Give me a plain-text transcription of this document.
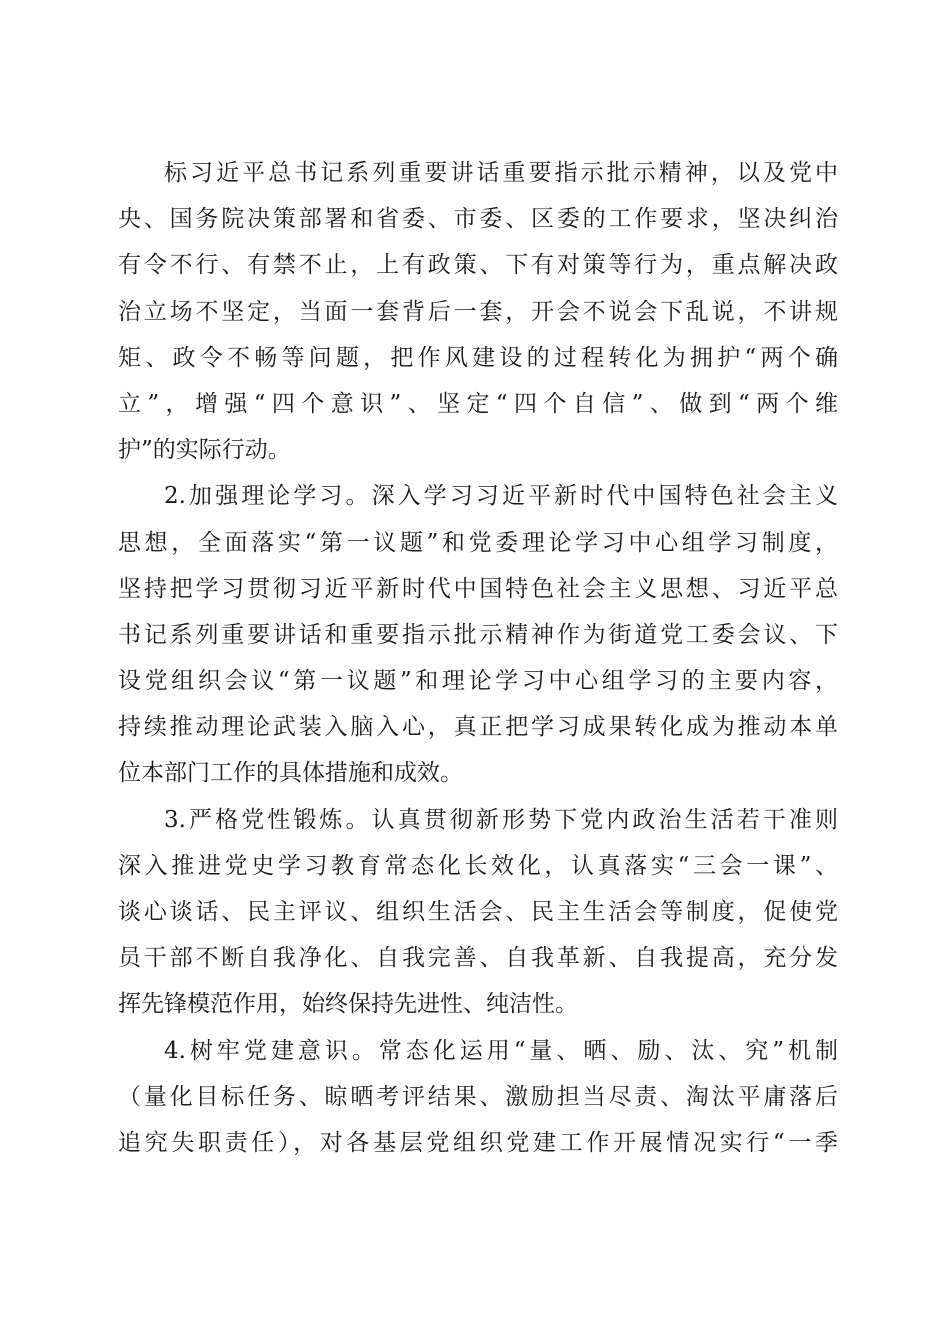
标习近平总书记系列重要讲话重要指示批示精神，以及党中
央、国务院决策部署和省委、市委、区委的工作要求，坚决纠治
有令不行、有禁不止，上有政策、下有对策等行为，重点解决政
治立场不坚定，当面一套背后一套，开会不说会下乱说，不讲规
矩、政令不畅等问题，把作风建设的过程转化为拥护“两个确
立”，增强“四个意识”、坚定“四个自信”、做到“两个维
护”的实际行动。
2.加强理论学习。深入学习习近平新时代中国特色社会主义
思想，全面落实“第一议题”和党委理论学习中心组学习制度，
坚持把学习贯彻习近平新时代中国特色社会主义思想、习近平总
书记系列重要讲话和重要指示批示精神作为街道党工委会议、下
设党组织会议“第一议题”和理论学习中心组学习的主要内容，
持续推动理论武装入脑入心，真正把学习成果转化成为推动本单
位本部门工作的具体措施和成效。
3.严格党性锻炼。认真贯彻新形势下党内政治生活若干准则
深入推进党史学习教育常态化长效化，认真落实“三会一课”、
谈心谈话、民主评议、组织生活会、民主生活会等制度，促使党
员干部不断自我净化、自我完善、自我革新、自我提高，充分发
挥先锋模范作用，始终保持先进性、纯洁性。
4.树牢党建意识。常态化运用“量、晒、励、汰、究”机制
（量化目标任务、晾晒考评结果、激励担当尽责、淘汰平庸落后
追究失职责任），对各基层党组织党建工作开展情况实行“一季
